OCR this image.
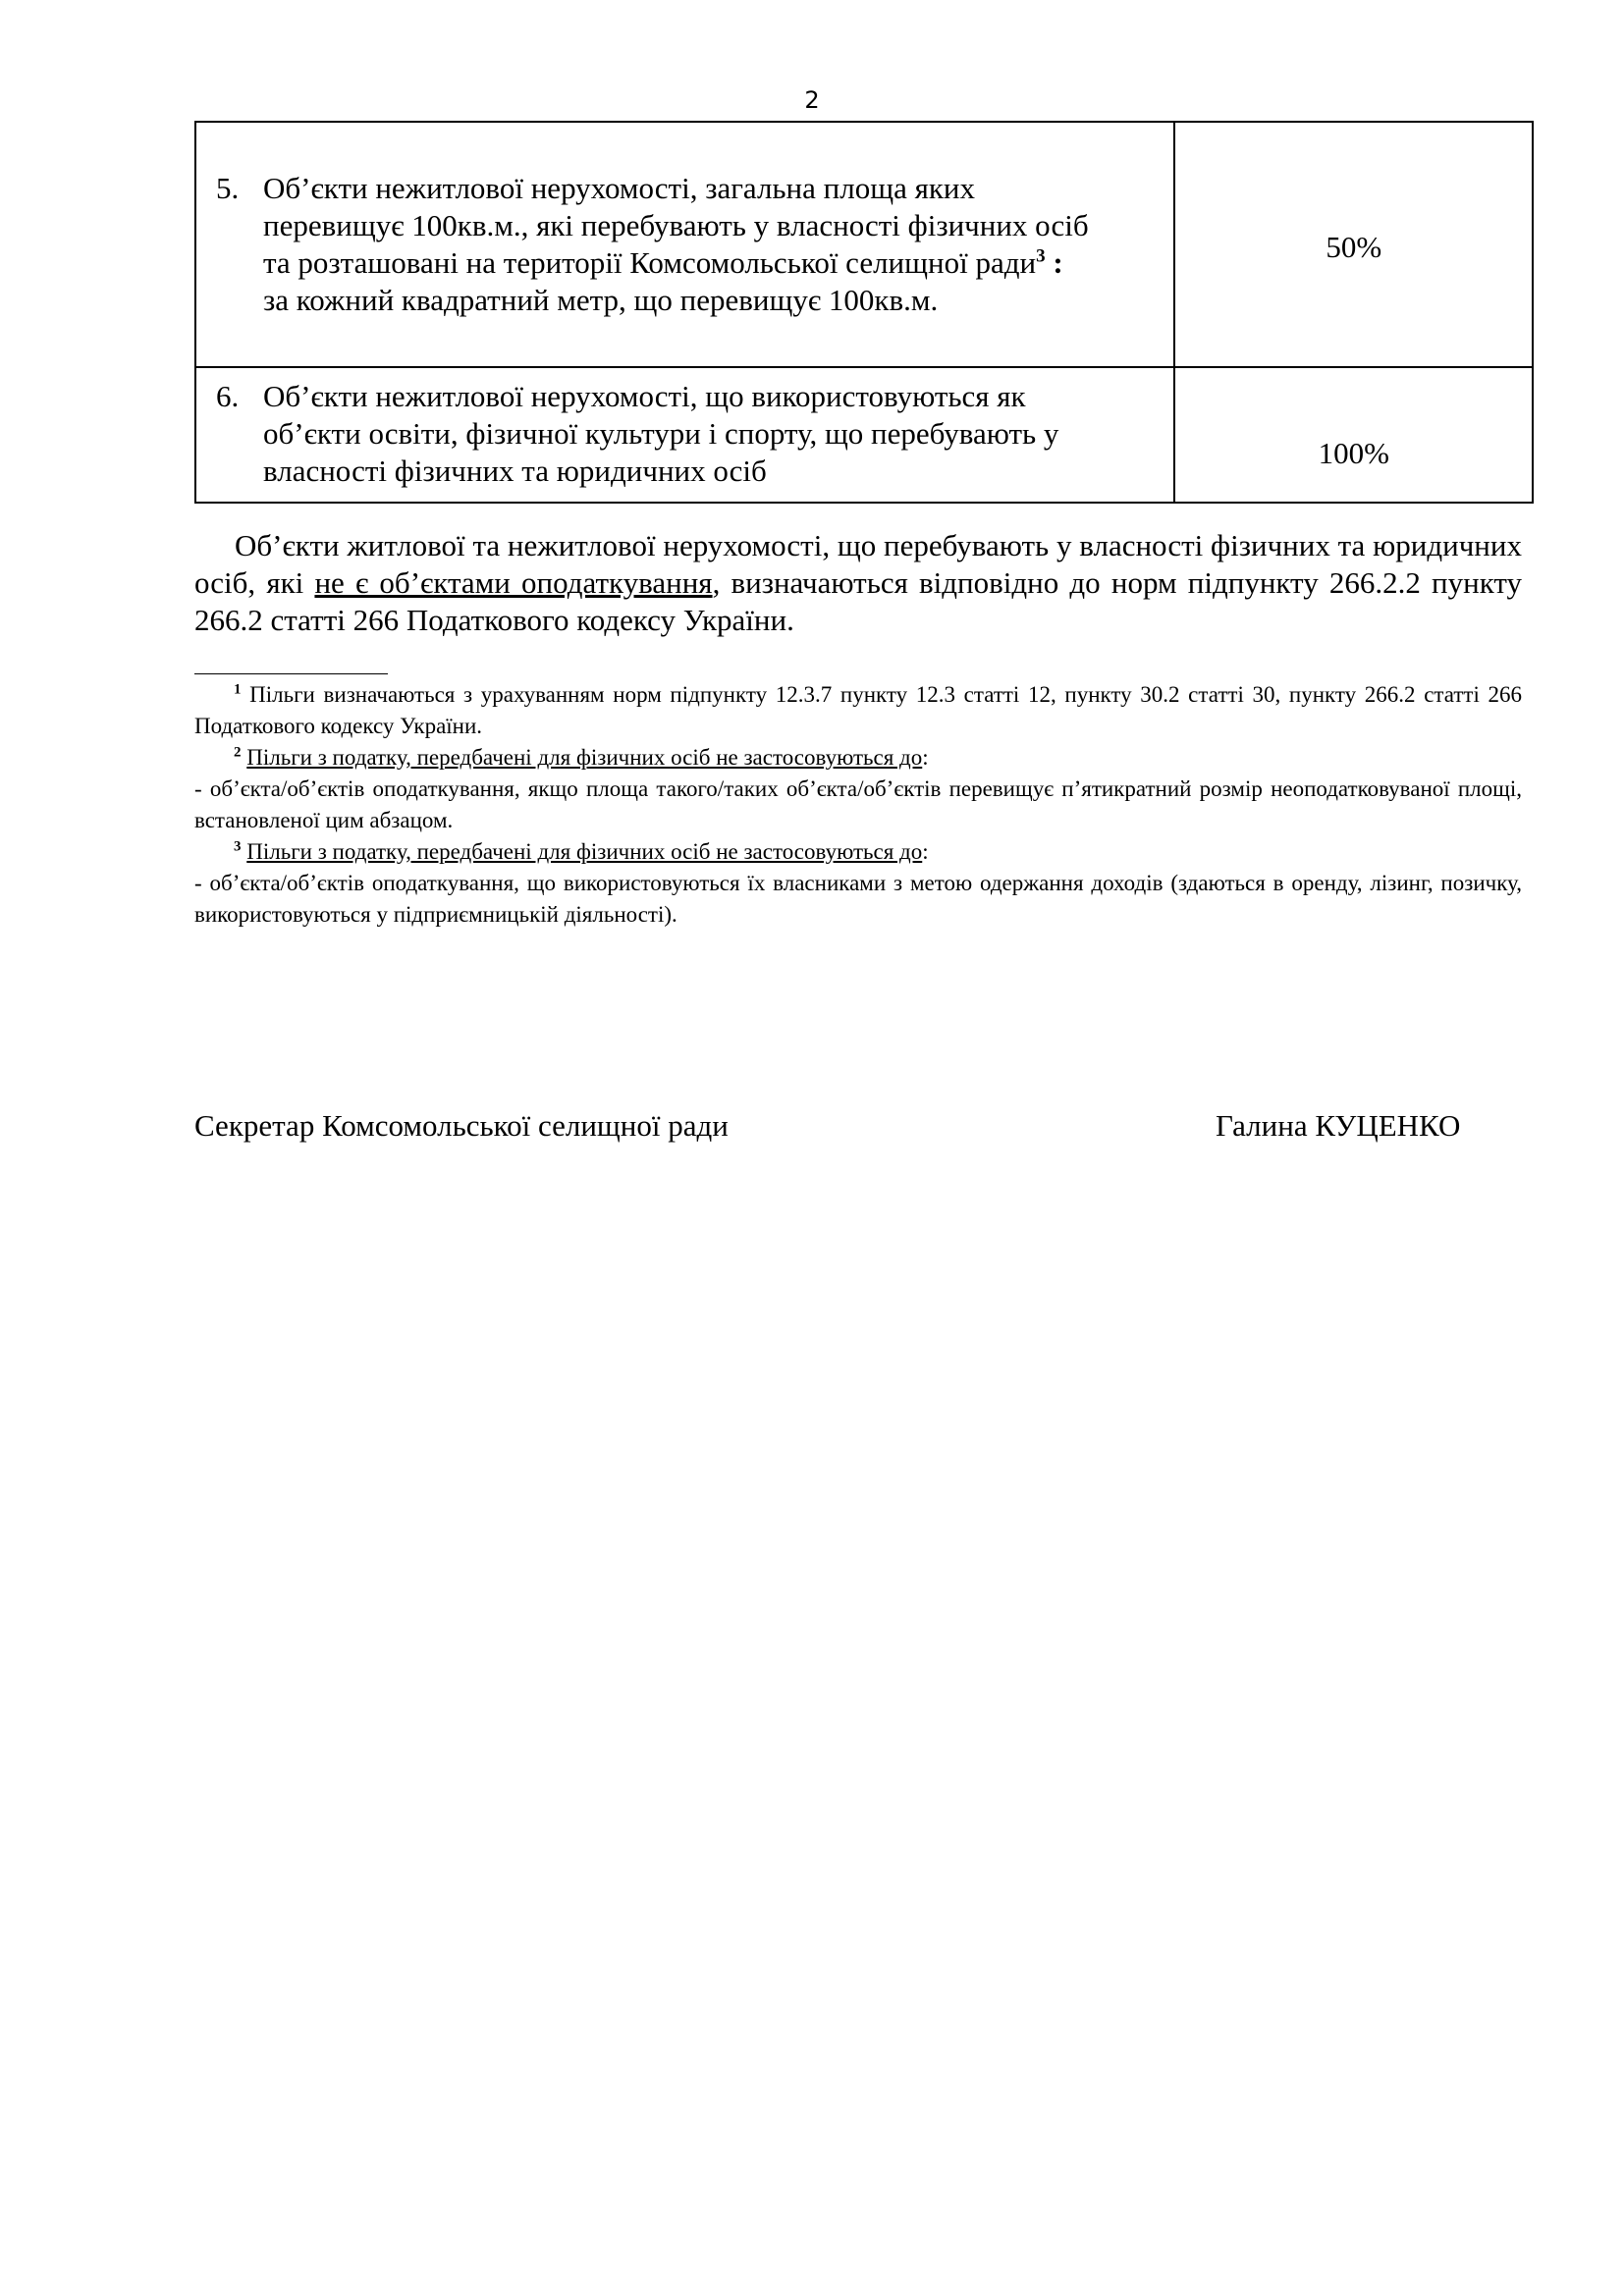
2
5. Об’єкти нежитлової нерухомості, загальна площа яких
перевищує 100кв.м., які перебувають у власності фізичних осіб
та розташовані на території Комсомольської селищної ради$^3$ :
за кожний квадратний метр, що перевищує 100кв.м.	50%

6. Об’єкти нежитлової нерухомості, що використовуються як
об’єкти освіти, фізичної культури і спорту, що перебувають у
власності фізичних та юридичних осіб	100%

Об’єкти житлової та нежитлової нерухомості, що перебувають у власності фізичних та юридичних осіб, які не є об’єктами оподаткування, визначаються відповідно до норм підпункту 266.2.2 пункту 266.2 статті 266 Податкового кодексу України.

$^1$ Пільги визначаються з урахуванням норм підпункту 12.3.7 пункту 12.3 статті 12, пункту 30.2 статті 30, пункту 266.2 статті 266 Податкового кодексу України.

$^2$ Пільги з податку, передбачені для фізичних осіб не застосовуються до:

- об’єкта/об’єктів оподаткування, якщо площа такого/таких об’єкта/об’єктів перевищує п’ятикратний розмір неоподатковуваної площі, встановленої цим абзацом.

$^3$ Пільги з податку, передбачені для фізичних осіб не застосовуються до:

- об’єкта/об’єктів оподаткування, що використовуються їх власниками з метою одержання доходів (здаються в оренду, лізинг, позичку, використовуються у підприємницькій діяльності).

Секретар Комсомольської селищної ради	Галина КУЦЕНКО
